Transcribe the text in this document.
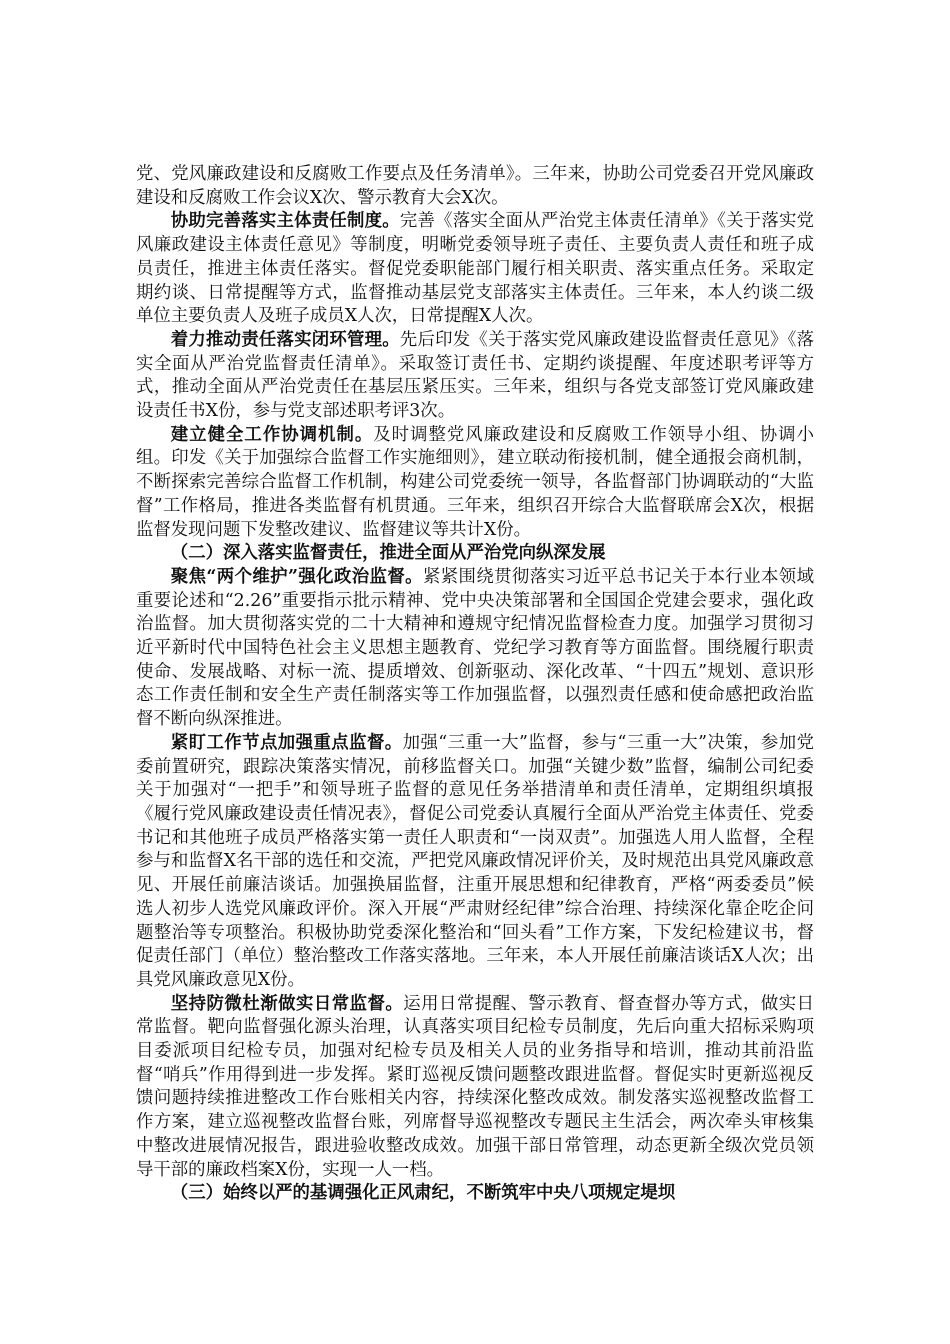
党、党风廉政建设和反腐败工作要点及任务清单》。三年来，协助公司党委召开党风廉政建设和反腐败工作会议X次、警示教育大会X次。

协助完善落实主体责任制度。完善《落实全面从严治党主体责任清单》《关于落实党风廉政建设主体责任意见》等制度，明晰党委领导班子责任、主要负责人责任和班子成员责任，推进主体责任落实。督促党委职能部门履行相关职责、落实重点任务。采取定期约谈、日常提醒等方式，监督推动基层党支部落实主体责任。三年来，本人约谈二级单位主要负责人及班子成员X人次，日常提醒X人次。

着力推动责任落实闭环管理。先后印发《关于落实党风廉政建设监督责任意见》《落实全面从严治党监督责任清单》。采取签订责任书、定期约谈提醒、年度述职考评等方式，推动全面从严治党责任在基层压紧压实。三年来，组织与各党支部签订党风廉政建设责任书X份，参与党支部述职考评3次。

建立健全工作协调机制。及时调整党风廉政建设和反腐败工作领导小组、协调小组。印发《关于加强综合监督工作实施细则》，建立联动衔接机制，健全通报会商机制，不断探索完善综合监督工作机制，构建公司党委统一领导，各监督部门协调联动的“大监督”工作格局，推进各类监督有机贯通。三年来，组织召开综合大监督联席会X次，根据监督发现问题下发整改建议、监督建议等共计X份。

（二）深入落实监督责任，推进全面从严治党向纵深发展

聚焦“两个维护”强化政治监督。紧紧围绕贯彻落实习近平总书记关于本行业本领域重要论述和“2.26”重要指示批示精神、党中央决策部署和全国国企党建会要求，强化政治监督。加大贯彻落实党的二十大精神和遵规守纪情况监督检查力度。加强学习贯彻习近平新时代中国特色社会主义思想主题教育、党纪学习教育等方面监督。围绕履行职责使命、发展战略、对标一流、提质增效、创新驱动、深化改革、“十四五”规划、意识形态工作责任制和安全生产责任制落实等工作加强监督，以强烈责任感和使命感把政治监督不断向纵深推进。

紧盯工作节点加强重点监督。加强“三重一大”监督，参与“三重一大”决策，参加党委前置研究，跟踪决策落实情况，前移监督关口。加强“关键少数”监督，编制公司纪委关于加强对“一把手”和领导班子监督的意见任务举措清单和责任清单，定期组织填报《履行党风廉政建设责任情况表》，督促公司党委认真履行全面从严治党主体责任、党委书记和其他班子成员严格落实第一责任人职责和“一岗双责”。加强选人用人监督，全程参与和监督X名干部的选任和交流，严把党风廉政情况评价关，及时规范出具党风廉政意见、开展任前廉洁谈话。加强换届监督，注重开展思想和纪律教育，严格“两委委员”候选人初步人选党风廉政评价。深入开展“严肃财经纪律”综合治理、持续深化靠企吃企问题整治等专项整治。积极协助党委深化整治和“回头看”工作方案，下发纪检建议书，督促责任部门（单位）整治整改工作落实落地。三年来，本人开展任前廉洁谈话X人次；出具党风廉政意见X份。

坚持防微杜渐做实日常监督。运用日常提醒、警示教育、督查督办等方式，做实日常监督。靶向监督强化源头治理，认真落实项目纪检专员制度，先后向重大招标采购项目委派项目纪检专员，加强对纪检专员及相关人员的业务指导和培训，推动其前沿监督“哨兵”作用得到进一步发挥。紧盯巡视反馈问题整改跟进监督。督促实时更新巡视反馈问题持续推进整改工作台账相关内容，持续深化整改成效。制发落实巡视整改监督工作方案，建立巡视整改监督台账，列席督导巡视整改专题民主生活会，两次牵头审核集中整改进展情况报告，跟进验收整改成效。加强干部日常管理，动态更新全级次党员领导干部的廉政档案X份，实现一人一档。

（三）始终以严的基调强化正风肃纪，不断筑牢中央八项规定堤坝
